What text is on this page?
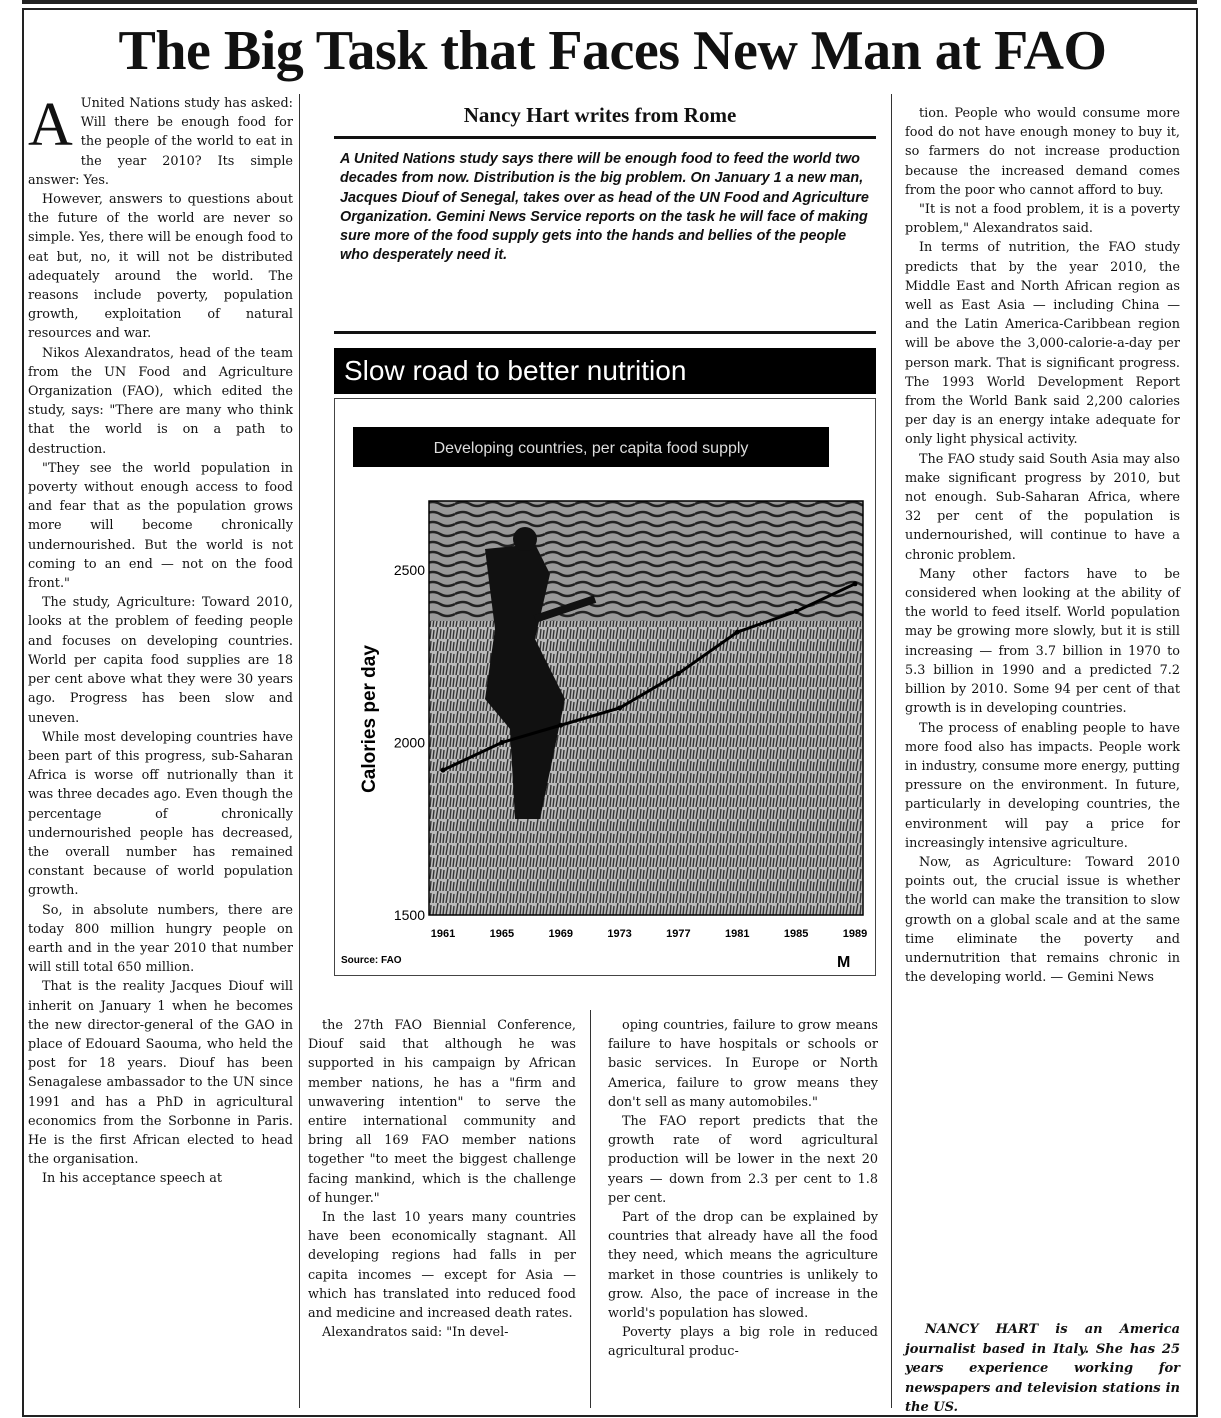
The Big Task that Faces New Man at FAO
A United Nations study has asked: Will there be enough food for the people of the world to eat in the year 2010? Its simple answer: Yes.

However, answers to questions about the future of the world are never so simple. Yes, there will be enough food to eat but, no, it will not be distributed adequately around the world. The reasons include poverty, population growth, exploitation of natural resources and war.

Nikos Alexandratos, head of the team from the UN Food and Agriculture Organization (FAO), which edited the study, says: "There are many who think that the world is on a path to destruction.

"They see the world population in poverty without enough access to food and fear that as the population grows more will become chronically undernourished. But the world is not coming to an end — not on the food front."

The study, Agriculture: Toward 2010, looks at the problem of feeding people and focuses on developing countries. World per capita food supplies are 18 per cent above what they were 30 years ago. Progress has been slow and uneven.

While most developing countries have been part of this progress, sub-Saharan Africa is worse off nutrionally than it was three decades ago. Even though the percentage of chronically undernourished people has decreased, the overall number has remained constant because of world population growth.

So, in absolute numbers, there are today 800 million hungry people on earth and in the year 2010 that number will still total 650 million.

That is the reality Jacques Diouf will inherit on January 1 when he becomes the new director-general of the GAO in place of Edouard Saouma, who held the post for 18 years. Diouf has been Senagalese ambassador to the UN since 1991 and has a PhD in agricultural economics from the Sorbonne in Paris. He is the first African elected to head the organisation.

In his acceptance speech at

Nancy Hart writes from Rome

A United Nations study says there will be enough food to feed the world two decades from now. Distribution is the big problem. On January 1 a new man, Jacques Diouf of Senegal, takes over as head of the UN Food and Agriculture Organization. Gemini News Service reports on the task he will face of making sure more of the food supply gets into the hands and bellies of the people who desperately need it.

Slow road to better nutrition
Developing countries, per capita food supply
Calories per day
2500
2000
1500
1961	1965	1969	1973	1977	1981	1985	1989
Source: FAO	M

the 27th FAO Biennial Conference, Diouf said that although he was supported in his campaign by African member nations, he has a "firm and unwavering intention" to serve the entire international community and bring all 169 FAO member nations together "to meet the biggest challenge facing mankind, which is the challenge of hunger."

In the last 10 years many countries have been economically stagnant. All developing regions had falls in per capita incomes — except for Asia — which has translated into reduced food and medicine and increased death rates.

Alexandratos said: "In devel-

oping countries, failure to grow means failure to have hospitals or schools or basic services. In Europe or North America, failure to grow means they don't sell as many automobiles."

The FAO report predicts that the growth rate of word agricultural production will be lower in the next 20 years — down from 2.3 per cent to 1.8 per cent.

Part of the drop can be explained by countries that already have all the food they need, which means the agriculture market in those countries is unlikely to grow. Also, the pace of increase in the world's population has slowed.

Poverty plays a big role in reduced agricultural produc-

tion. People who would consume more food do not have enough money to buy it, so farmers do not increase production because the increased demand comes from the poor who cannot afford to buy.

"It is not a food problem, it is a poverty problem," Alexandratos said.

In terms of nutrition, the FAO study predicts that by the year 2010, the Middle East and North African region as well as East Asia — including China — and the Latin America-Caribbean region will be above the 3,000-calorie-a-day per person mark. That is significant progress. The 1993 World Development Report from the World Bank said 2,200 calories per day is an energy intake adequate for only light physical activity.

The FAO study said South Asia may also make significant progress by 2010, but not enough. Sub-Saharan Africa, where 32 per cent of the population is undernourished, will continue to have a chronic problem.

Many other factors have to be considered when looking at the ability of the world to feed itself. World population may be growing more slowly, but it is still increasing — from 3.7 billion in 1970 to 5.3 billion in 1990 and a predicted 7.2 billion by 2010. Some 94 per cent of that growth is in developing countries.

The process of enabling people to have more food also has impacts. People work in industry, consume more energy, putting pressure on the environment. In future, particularly in developing countries, the environment will pay a price for increasingly intensive agriculture.

Now, as Agriculture: Toward 2010 points out, the crucial issue is whether the world can make the transition to slow growth on a global scale and at the same time eliminate the poverty and undernutrition that remains chronic in the developing world. — Gemini News

NANCY HART is an America journalist based in Italy. She has 25 years experience working for newspapers and television stations in the US.
